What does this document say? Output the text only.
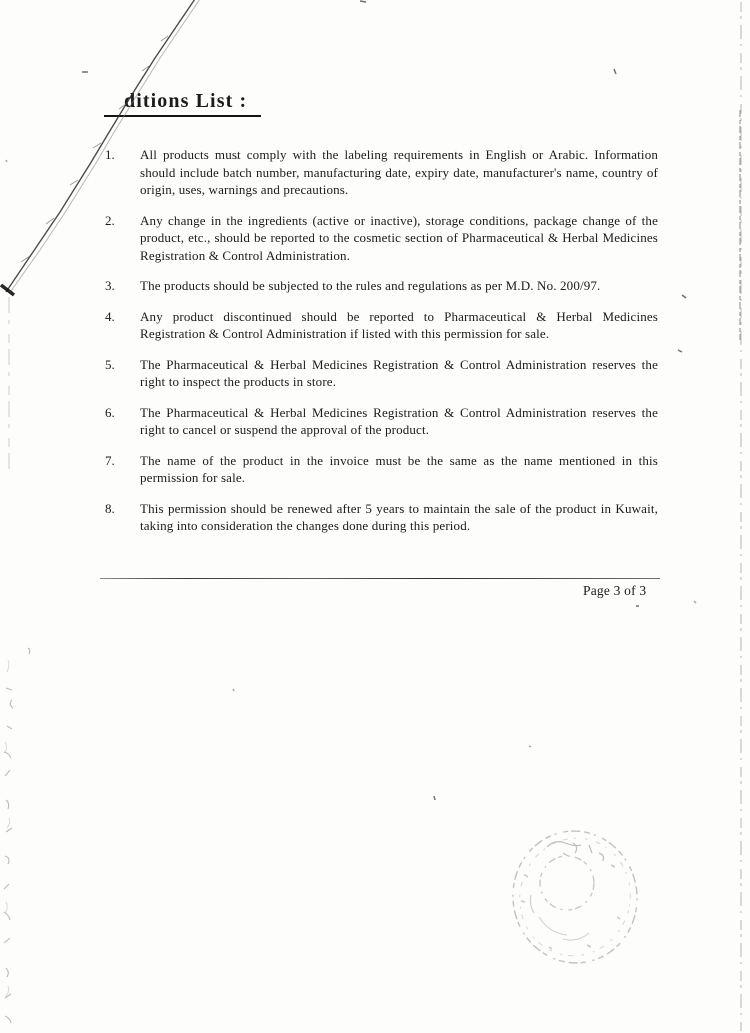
ditions List :
1.	All products must comply with the labeling requirements in English or Arabic. Information should include batch number, manufacturing date, expiry date, manufacturer's name, country of origin, uses, warnings and precautions.

2.	Any change in the ingredients (active or inactive), storage conditions, package change of the product, etc., should be reported to the cosmetic section of Pharmaceutical & Herbal Medicines Registration & Control Administration.

3.	The products should be subjected to the rules and regulations as per M.D. No. 200/97.

4.	Any product discontinued should be reported to Pharmaceutical & Herbal Medicines Registration & Control Administration if listed with this permission for sale.

5.	The Pharmaceutical & Herbal Medicines Registration & Control Administration reserves the right to inspect the products in store.

6.	The Pharmaceutical & Herbal Medicines Registration & Control Administration reserves the right to cancel or suspend the approval of the product.

7.	The name of the product in the invoice must be the same as the name mentioned in this permission for sale.

8.	This permission should be renewed after 5 years to maintain the sale of the product in Kuwait, taking into consideration the changes done during this period.

Page 3 of 3
